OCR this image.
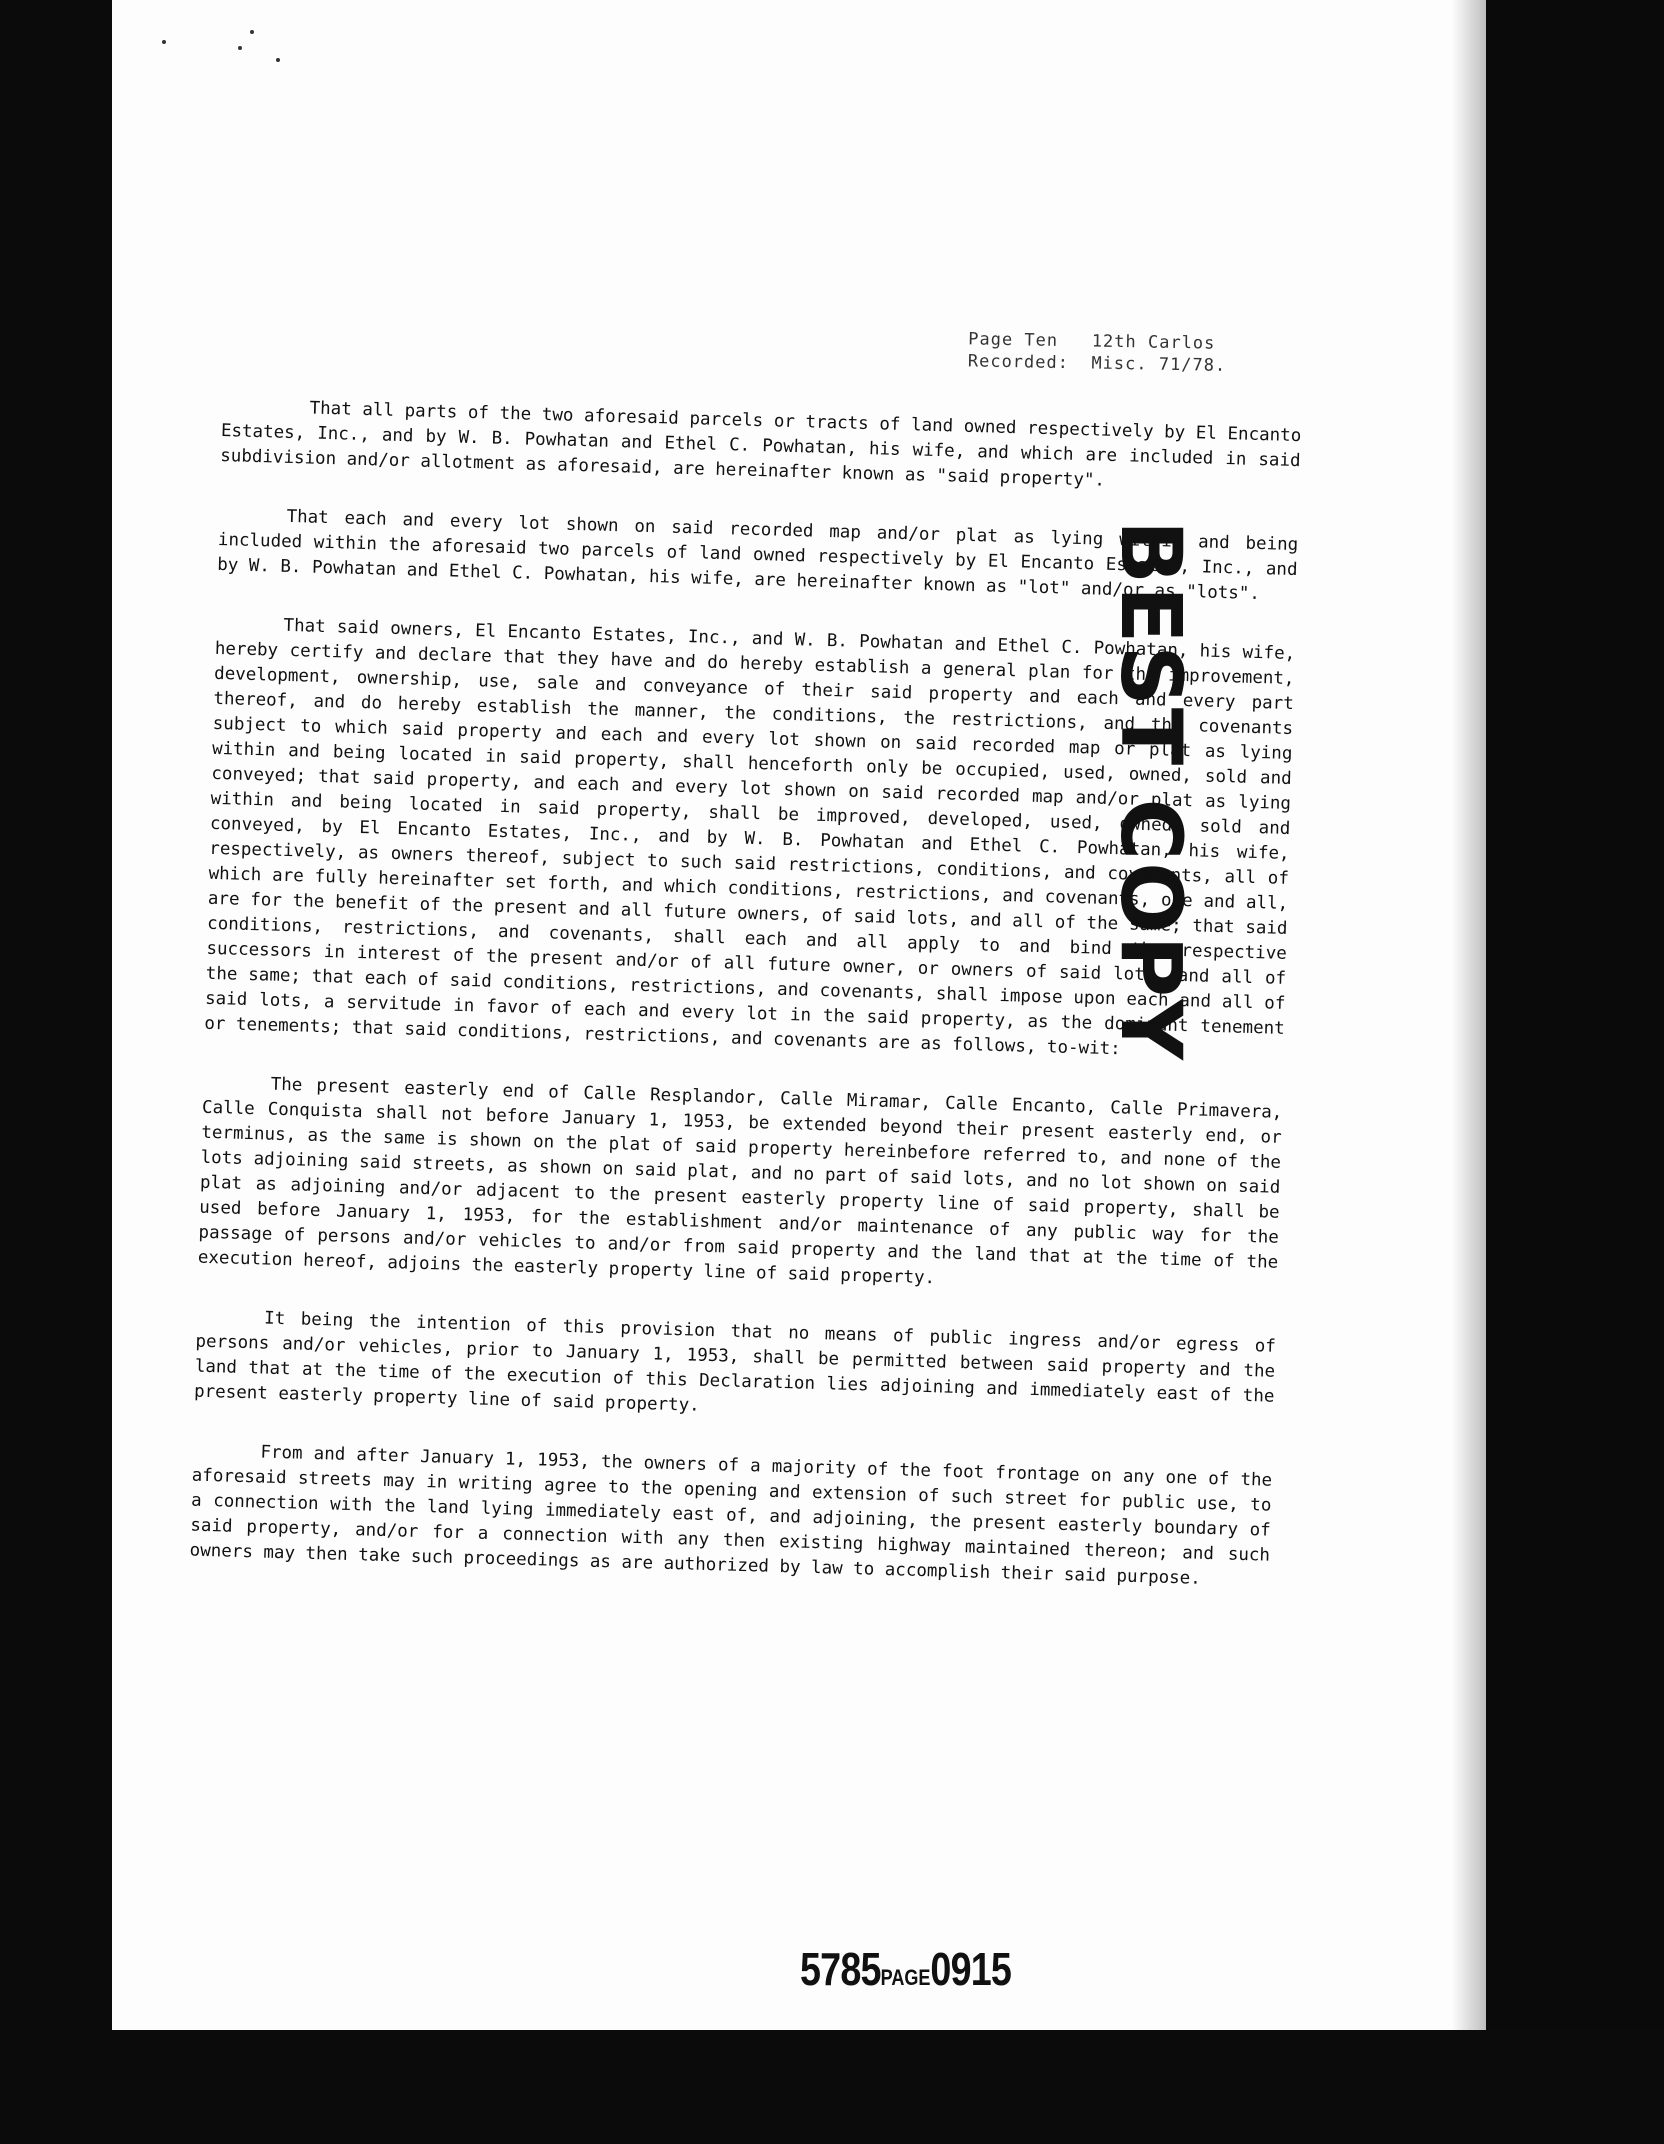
Page Ten   12th Carlos
Recorded:  Misc. 71/78.
BEST COPY

That all parts of the two aforesaid parcels or tracts of land owned respectively by El Encanto Estates, Inc., and by W. B. Powhatan and Ethel C. Powhatan, his wife, and which are included in said subdivision and/or allotment as aforesaid, are hereinafter known as "said property".

That each and every lot shown on said recorded map and/or plat as lying within and being included within the aforesaid two parcels of land owned respectively by El Encanto Estates, Inc., and by W. B. Powhatan and Ethel C. Powhatan, his wife, are hereinafter known as "lot" and/or as "lots".

That said owners, El Encanto Estates, Inc., and W. B. Powhatan and Ethel C. Powhatan, his wife, hereby certify and declare that they have and do hereby establish a general plan for the improvement, development, ownership, use, sale and conveyance of their said property and each and every part thereof, and do hereby establish the manner, the conditions, the restrictions, and the covenants subject to which said property and each and every lot shown on said recorded map or plat as lying within and being located in said property, shall henceforth only be occupied, used, owned, sold and conveyed; that said property, and each and every lot shown on said recorded map and/or plat as lying within and being located in said property, shall be improved, developed, used, owned, sold and conveyed, by El Encanto Estates, Inc., and by W. B. Powhatan and Ethel C. Powhatan, his wife, respectively, as owners thereof, subject to such said restrictions, conditions, and covenants, all of which are fully hereinafter set forth, and which conditions, restrictions, and covenants, one and all, are for the benefit of the present and all future owners, of said lots, and all of the same; that said conditions, restrictions, and covenants, shall each and all apply to and bind the respective successors in interest of the present and/or of all future owner, or owners of said lots, and all of the same; that each of said conditions, restrictions, and covenants, shall impose upon each and all of said lots, a servitude in favor of each and every lot in the said property, as the dominant tenement or tenements; that said conditions, restrictions, and covenants are as follows, to-wit:

The present easterly end of Calle Resplandor, Calle Miramar, Calle Encanto, Calle Primavera, Calle Conquista shall not before January 1, 1953, be extended beyond their present easterly end, or terminus, as the same is shown on the plat of said property hereinbefore referred to, and none of the lots adjoining said streets, as shown on said plat, and no part of said lots, and no lot shown on said plat as adjoining and/or adjacent to the present easterly property line of said property, shall be used before January 1, 1953, for the establishment and/or maintenance of any public way for the passage of persons and/or vehicles to and/or from said property and the land that at the time of the execution hereof, adjoins the easterly property line of said property.

It being the intention of this provision that no means of public ingress and/or egress of persons and/or vehicles, prior to January 1, 1953, shall be permitted between said property and the land that at the time of the execution of this Declaration lies adjoining and immediately east of the present easterly property line of said property.

From and after January 1, 1953, the owners of a majority of the foot frontage on any one of the aforesaid streets may in writing agree to the opening and extension of such street for public use, to a connection with the land lying immediately east of, and adjoining, the present easterly boundary of said property, and/or for a connection with any then existing highway maintained thereon; and such owners may then take such proceedings as are authorized by law to accomplish their said purpose.

5785PAGE0915
